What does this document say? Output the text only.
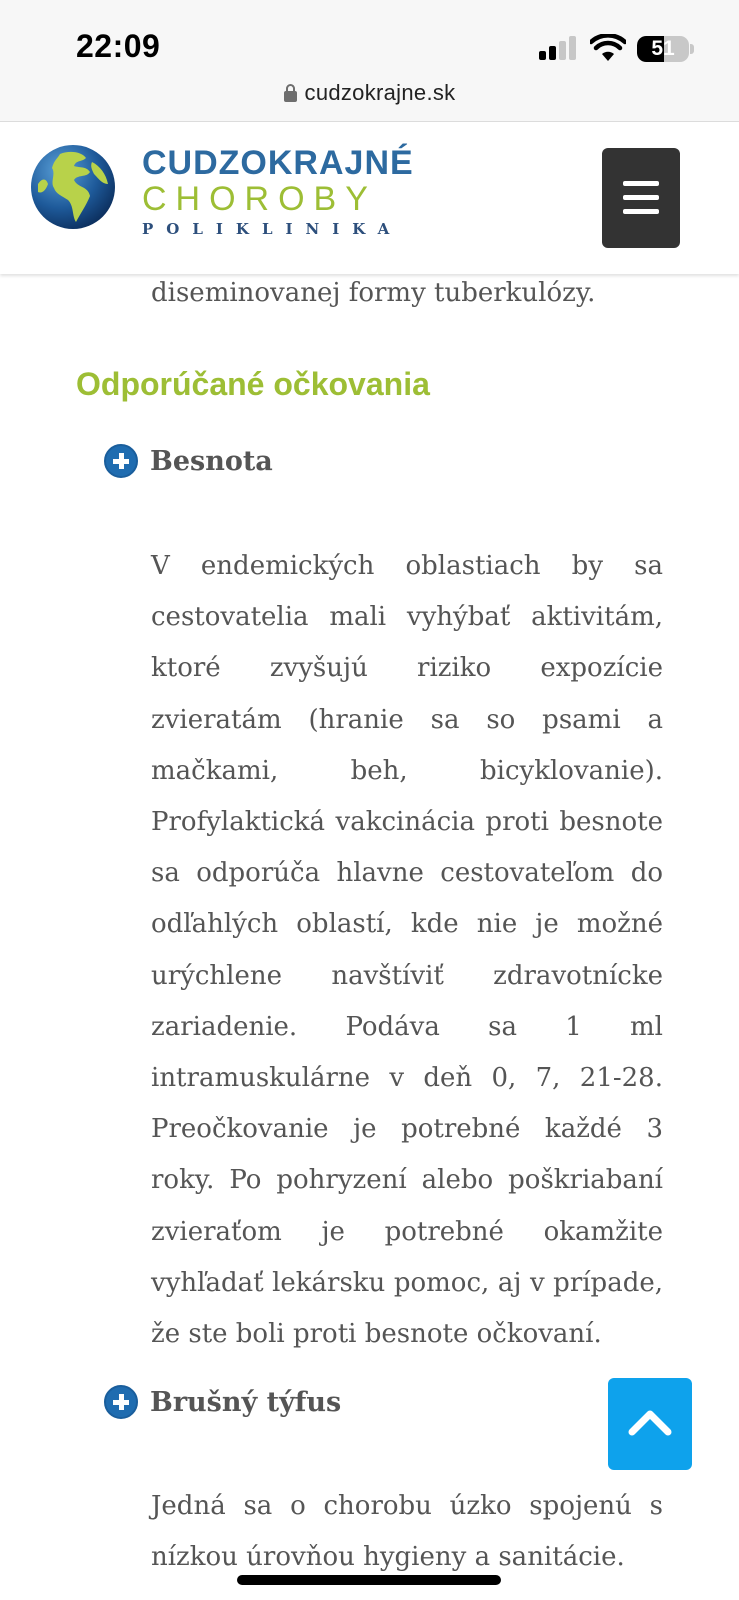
22:09	51
cudzokrajne.sk
CUDZOKRAJNÉ
CHOROBY
POLIKLINIKA
diseminovanej formy tuberkulózy.
Odporúčané očkovania
Besnota

V endemických oblastiach by sa cestovatelia mali vyhýbať aktivitám, ktoré zvyšujú riziko expozície zvieratám (hranie sa so psami a mačkami, beh, bicyklovanie). Profylaktická vakcinácia proti besnote sa odporúča hlavne cestovateľom do odľahlých oblastí, kde nie je možné urýchlene navštíviť zdravotnícke zariadenie. Podáva sa 1 ml intramuskulárne v deň 0, 7, 21-28. Preočkovanie je potrebné každé 3 roky. Po pohryzení alebo poškriabaní zvieraťom je potrebné okamžite vyhľadať lekársku pomoc, aj v prípade, že ste boli proti besnote očkovaní.

Brušný týfus

Jedná sa o chorobu úzko spojenú s nízkou úrovňou hygieny a sanitácie.
